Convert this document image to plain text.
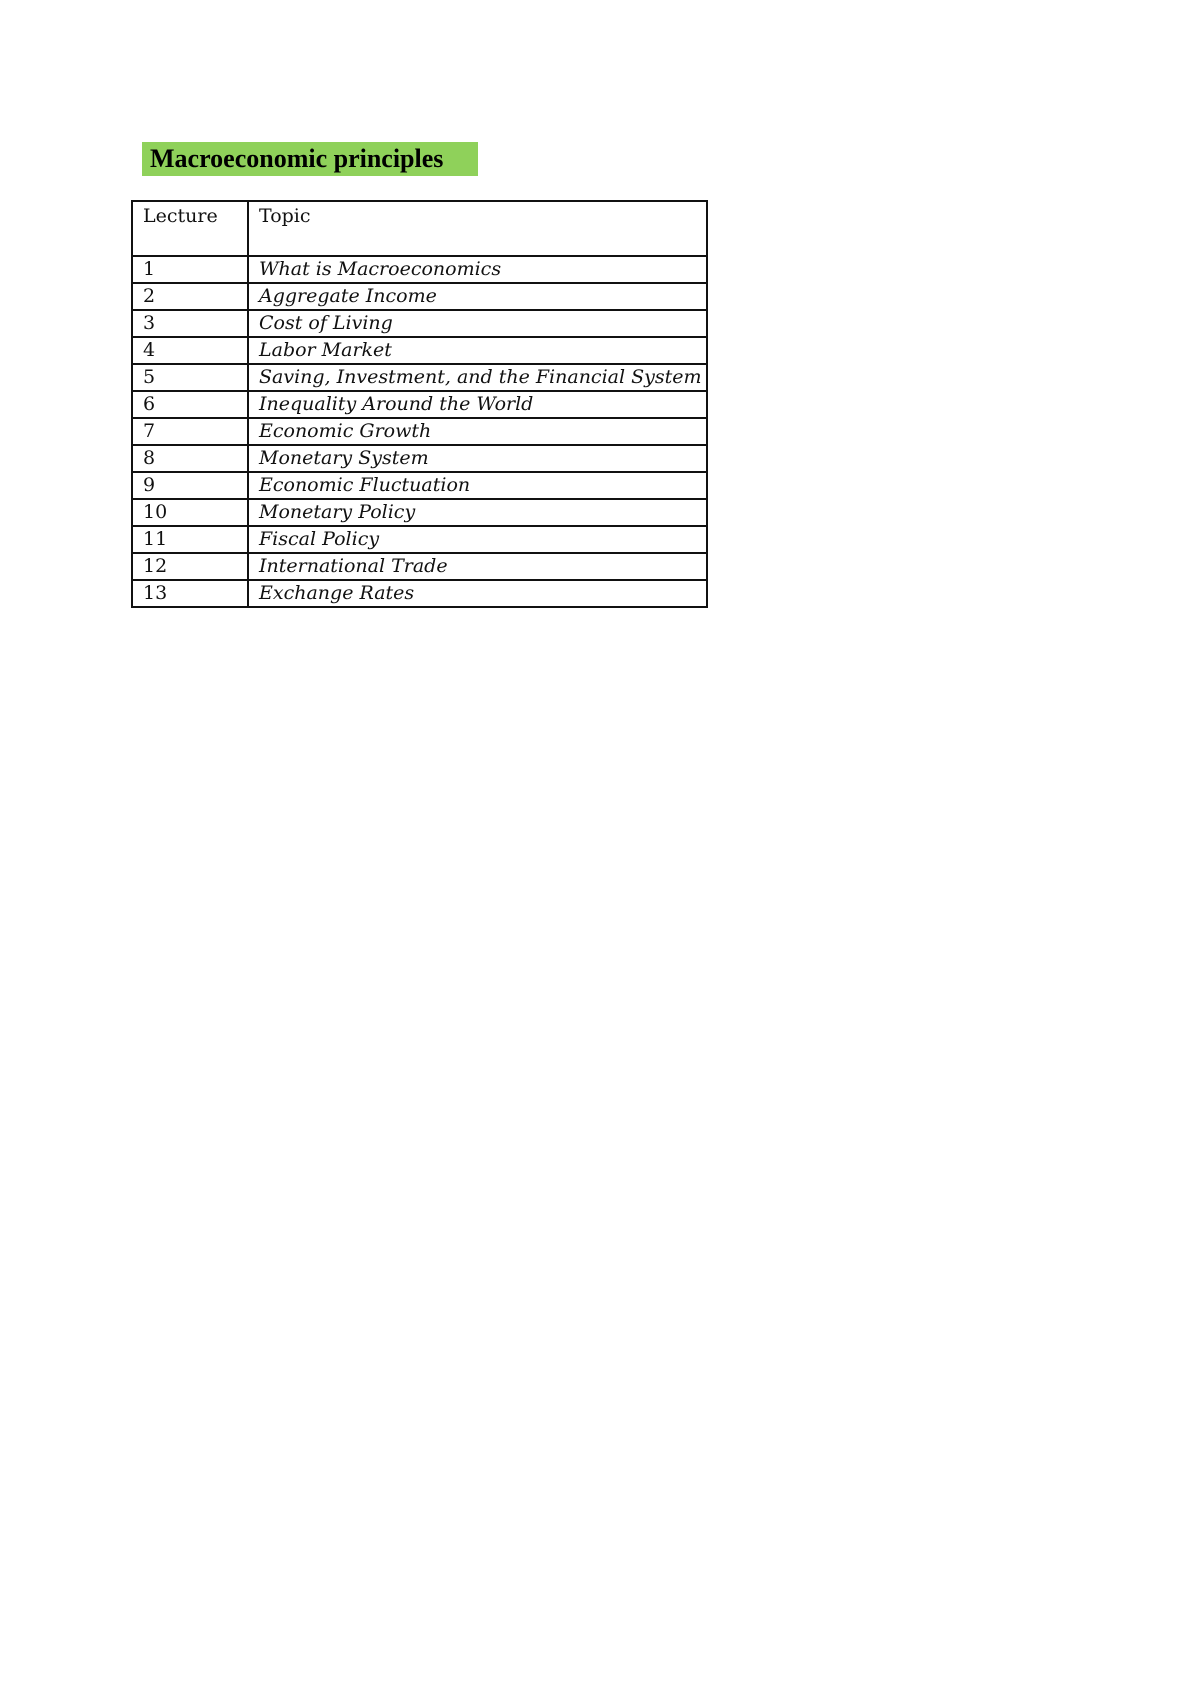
Macroeconomic principles
Lecture	Topic
1	What is Macroeconomics
2	Aggregate Income
3	Cost of Living
4	Labor Market
5	Saving, Investment, and the Financial System
6	Inequality Around the World
7	Economic Growth
8	Monetary System
9	Economic Fluctuation
10	Monetary Policy
11	Fiscal Policy
12	International Trade
13	Exchange Rates
